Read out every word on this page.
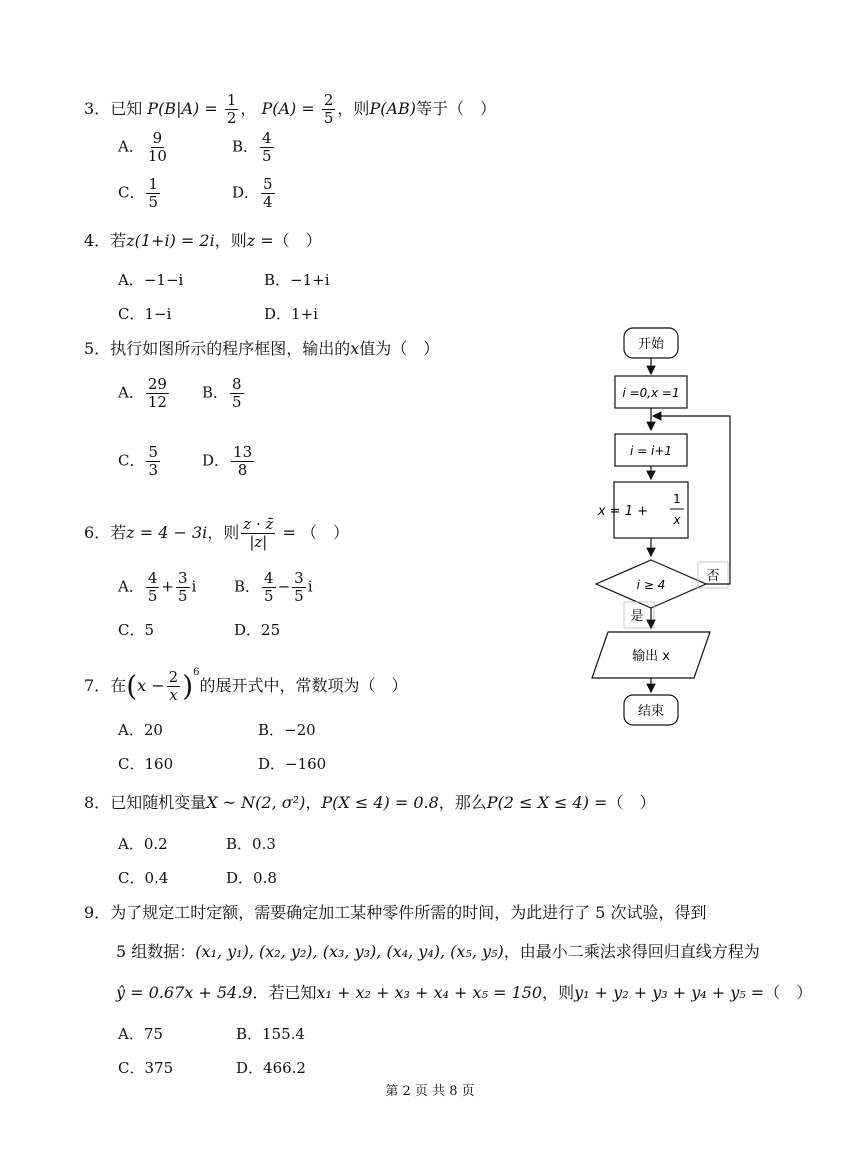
3．已知 $P(B|A) = \frac{1}{2}$ ， $P(A) = \frac{2}{5}$ ，则P(AB)等于（　）
A． $\frac{9}{10}$	B． $\frac{4}{5}$
C． $\frac{1}{5}$	D． $\frac{5}{4}$
4．若z(1+i) = 2i，则z =（　）
A．−1−i	B．−1+i
C．1−i	D．1+i
5．执行如图所示的程序框图，输出的x值为（　）
A． $\frac{29}{12}$ B． $\frac{8}{5}$
C． $\frac{5}{3}$	D． $\frac{13}{8}$
开始
i =0,x =1
i = i+1
x = 1 +
1
x
i ≥ 4
否
是
输出 x
结束
6．若z = 4 − 3i，则 $\frac{z \cdot z̄}{|z|}$ = （　）
A． $\frac{4}{5} + \frac{3}{5}$ i	B． $\frac{4}{5} - \frac{3}{5}$ i
C．5	D．25
7．在$(x - \frac{2}{x} )^6$的展开式中，常数项为（　）
A．20	B．−20
C．160	D．−160
8．已知随机变量X ~ N(2, σ²)，P(X ≤ 4) = 0.8，那么P(2 ≤ X ≤ 4) =（　）
A．0.2	B．0.3
C．0.4	D．0.8
9．为了规定工时定额，需要确定加工某种零件所需的时间，为此进行了 5 次试验，得到
5 组数据：(x₁, y₁), (x₂, y₂), (x₃, y₃), (x₄, y₄), (x₅, y₅)，由最小二乘法求得回归直线方程为
ŷ = 0.67x + 54.9．若已知x₁ + x₂ + x₃ + x₄ + x₅ = 150，则y₁ + y₂ + y₃ + y₄ + y₅ =（　）
A．75	B．155.4
C．375	D．466.2
第 2 页 共 8 页
